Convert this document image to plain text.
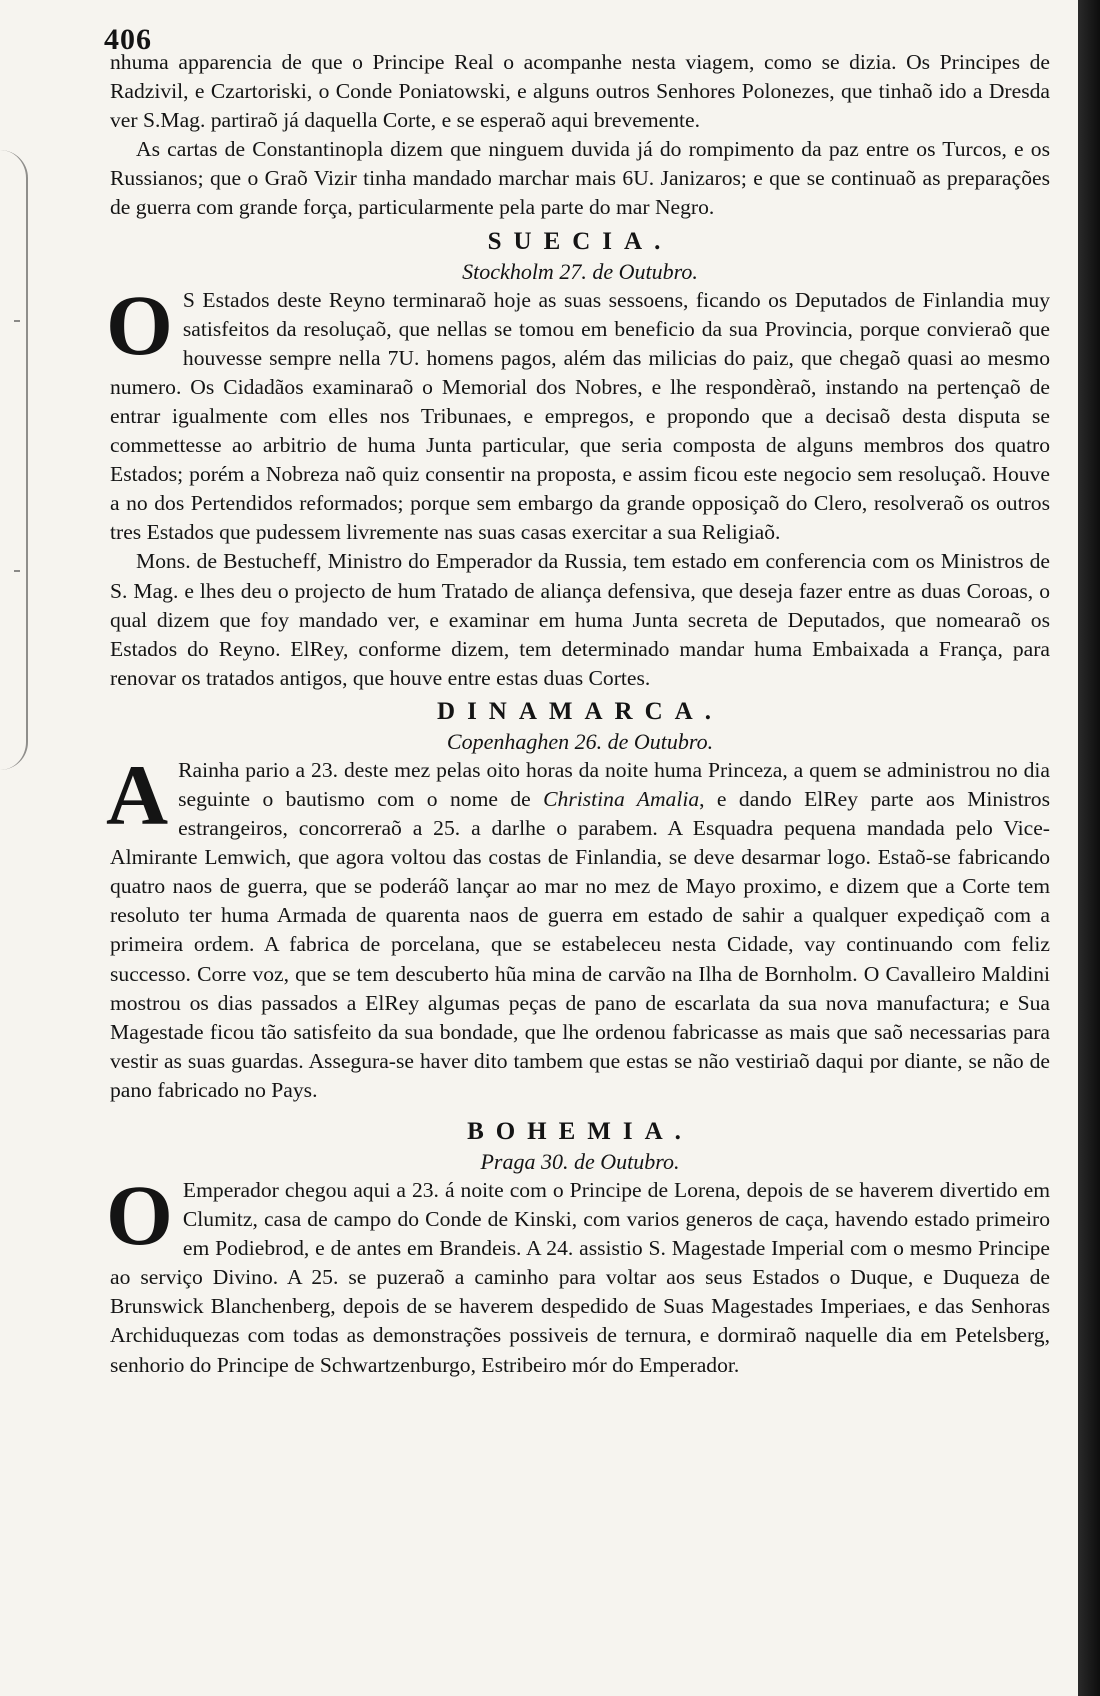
406

nhuma apparencia de que o Principe Real o acompanhe nesta viagem, como se dizia. Os Principes de Radzivil, e Czartoriski, o Conde Poniatowski, e alguns outros Senhores Polonezes, que tinhaõ ido a Dresda ver S.Mag. partiraõ já daquella Corte, e se esperaõ aqui brevemente.

As cartas de Constantinopla dizem que ninguem duvida já do rompimento da paz entre os Turcos, e os Russianos; que o Graõ Vizir tinha mandado marchar mais 6U. Janizaros; e que se continuaõ as preparações de guerra com grande força, particularmente pela parte do mar Negro.

SUECIA.
Stockholm 27. de Outubro.

O S Estados deste Reyno terminaraõ hoje as suas sessoens, ficando os Deputados de Finlandia muy satisfeitos da resoluçaõ, que nellas se tomou em beneficio da sua Provincia, porque convieraõ que houvesse sempre nella 7U. homens pagos, além das milicias do paiz, que chegaõ quasi ao mesmo numero. Os Cidadãos examinaraõ o Memorial dos Nobres, e lhe respondèraõ, instando na pertençaõ de entrar igualmente com elles nos Tribunaes, e empregos, e propondo que a decisaõ desta disputa se commettesse ao arbitrio de huma Junta particular, que seria composta de alguns membros dos quatro Estados; porém a Nobreza naõ quiz consentir na proposta, e assim ficou este negocio sem resoluçaõ. Houve a no dos Pertendidos reformados; porque sem embargo da grande opposiçaõ do Clero, resolveraõ os outros tres Estados que pudessem livremente nas suas casas exercitar a sua Religiaõ.

Mons. de Bestucheff, Ministro do Emperador da Russia, tem estado em conferencia com os Ministros de S. Mag. e lhes deu o projecto de hum Tratado de aliança defensiva, que deseja fazer entre as duas Coroas, o qual dizem que foy mandado ver, e examinar em huma Junta secreta de Deputados, que nomearaõ os Estados do Reyno. ElRey, conforme dizem, tem determinado mandar huma Embaixada a França, para renovar os tratados antigos, que houve entre estas duas Cortes.

DINAMARCA.
Copenhaghen 26. de Outubro.

A Rainha pario a 23. deste mez pelas oito horas da noite huma Princeza, a quem se administrou no dia seguinte o bautismo com o nome de Christina Amalia, e dando ElRey parte aos Ministros estrangeiros, concorreraõ a 25. a darlhe o parabem. A Esquadra pequena mandada pelo Vice-Almirante Lemwich, que agora voltou das costas de Finlandia, se deve desarmar logo. Estaõ-se fabricando quatro naos de guerra, que se poderáõ lançar ao mar no mez de Mayo proximo, e dizem que a Corte tem resoluto ter huma Armada de quarenta naos de guerra em estado de sahir a qualquer expediçaõ com a primeira ordem. A fabrica de porcelana, que se estabeleceu nesta Cidade, vay continuando com feliz successo. Corre voz, que se tem descuberto hũa mina de carvão na Ilha de Bornholm. O Cavalleiro Maldini mostrou os dias passados a ElRey algumas peças de pano de escarlata da sua nova manufactura; e Sua Magestade ficou tão satisfeito da sua bondade, que lhe ordenou fabricasse as mais que saõ necessarias para vestir as suas guardas. Assegura-se haver dito tambem que estas se não vestiriaõ daqui por diante, se não de pano fabricado no Pays.

BOHEMIA.
Praga 30. de Outubro.

O Emperador chegou aqui a 23. á noite com o Principe de Lorena, depois de se haverem divertido em Clumitz, casa de campo do Conde de Kinski, com varios generos de caça, havendo estado primeiro em Podiebrod, e de antes em Brandeis. A 24. assistio S. Magestade Imperial com o mesmo Principe ao serviço Divino. A 25. se puzeraõ a caminho para voltar aos seus Estados o Duque, e Duqueza de Brunswick Blanchenberg, depois de se haverem despedido de Suas Magestades Imperiaes, e das Senhoras Archiduquezas com todas as demonstrações possiveis de ternura, e dormiraõ naquelle dia em Petelsberg, senhorio do Principe de Schwartzenburgo, Estribeiro mór do Emperador.
